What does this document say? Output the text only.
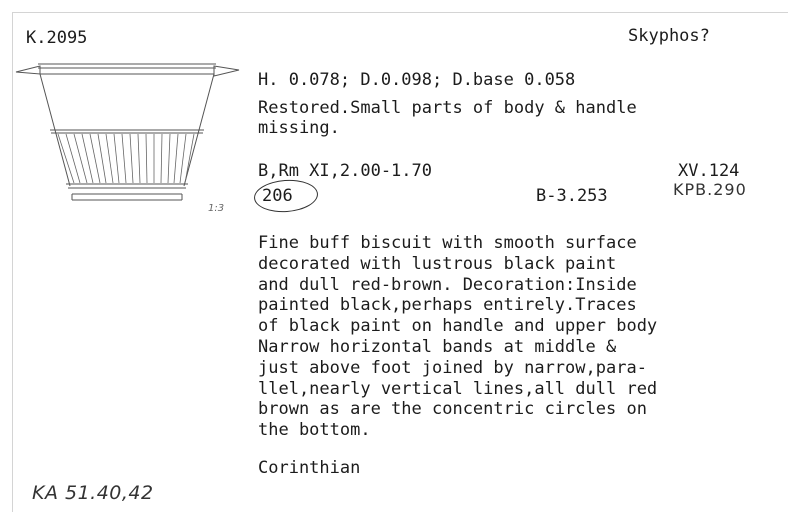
K.2095	Skyphos?
1:3
H. 0.078; D.0.098; D.base 0.058
Restored.Small parts of body & handle
missing.
B,Rm XI,2.00-1.70
206	B-3.253
XV.124
KPB.290
Fine buff biscuit with smooth surface
decorated with lustrous black paint
and dull red-brown. Decoration:Inside
painted black,perhaps entirely.Traces
of black paint on handle and upper body
Narrow horizontal bands at middle &
just above foot joined by narrow,para-
llel,nearly vertical lines,all dull red
brown as are the concentric circles on
the bottom.
Corinthian
KA 51.40,42
